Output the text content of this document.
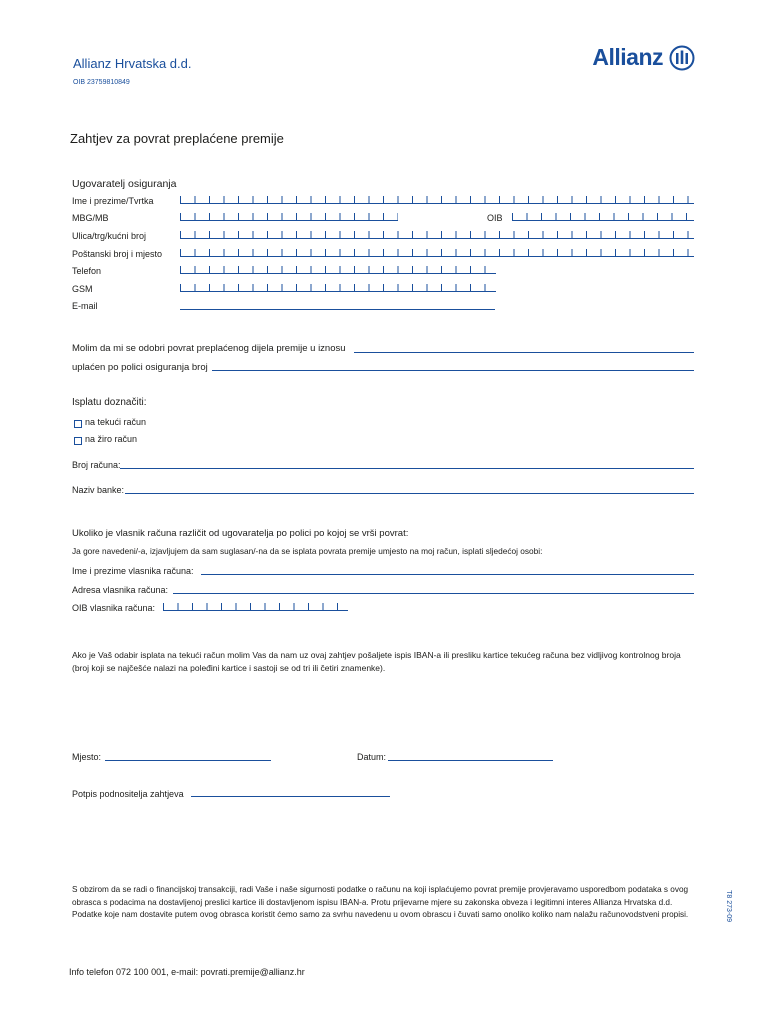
Allianz Hrvatska d.d.
OIB 23759810849
Allianz
Zahtjev za povrat preplaćene premije
Ugovaratelj osiguranja
Ime i prezime/Tvrtka
MBG/MB	OIB
Ulica/trg/kućni broj
Poštanski broj i mjesto
Telefon
GSM
E-mail
Molim da mi se odobri povrat preplaćenog dijela premije u iznosu
uplaćen po polici osiguranja broj
Isplatu doznačiti:
na tekući račun
na žiro račun
Broj računa:
Naziv banke:
Ukoliko je vlasnik računa različit od ugovaratelja po polici po kojoj se vrši povrat:
Ja gore navedeni/-a, izjavljujem da sam suglasan/-na da se isplata povrata premije umjesto na moj račun, isplati sljedećoj osobi:
Ime i prezime vlasnika računa:
Adresa vlasnika računa:
OIB vlasnika računa:
Ako je Vaš odabir isplata na tekući račun molim Vas da nam uz ovaj zahtjev pošaljete ispis IBAN-a ili presliku kartice tekućeg računa bez vidljivog kontrolnog broja (broj koji se najčešće nalazi na poleđini kartice i sastoji se od tri ili četiri znamenke).
Mjesto:	Datum:
Potpis podnositelja zahtjeva
S obzirom da se radi o financijskoj transakciji, radi Vaše i naše sigurnosti podatke o računu na koji isplaćujemo povrat premije provjeravamo usporedbom podataka s ovog obrasca s podacima na dostavljenoj preslici kartice ili dostavljenom ispisu IBAN-a. Protu prijevarne mjere su zakonska obveza i legitimni interes Allianza Hrvatska d.d. Podatke koje nam dostavite putem ovog obrasca koristit ćemo samo za svrhu navedenu u ovom obrascu i čuvati samo onoliko koliko nam nalažu računovodstveni propisi.	T8 273-09
Info telefon 072 100 001, e-mail: povrati.premije@allianz.hr
